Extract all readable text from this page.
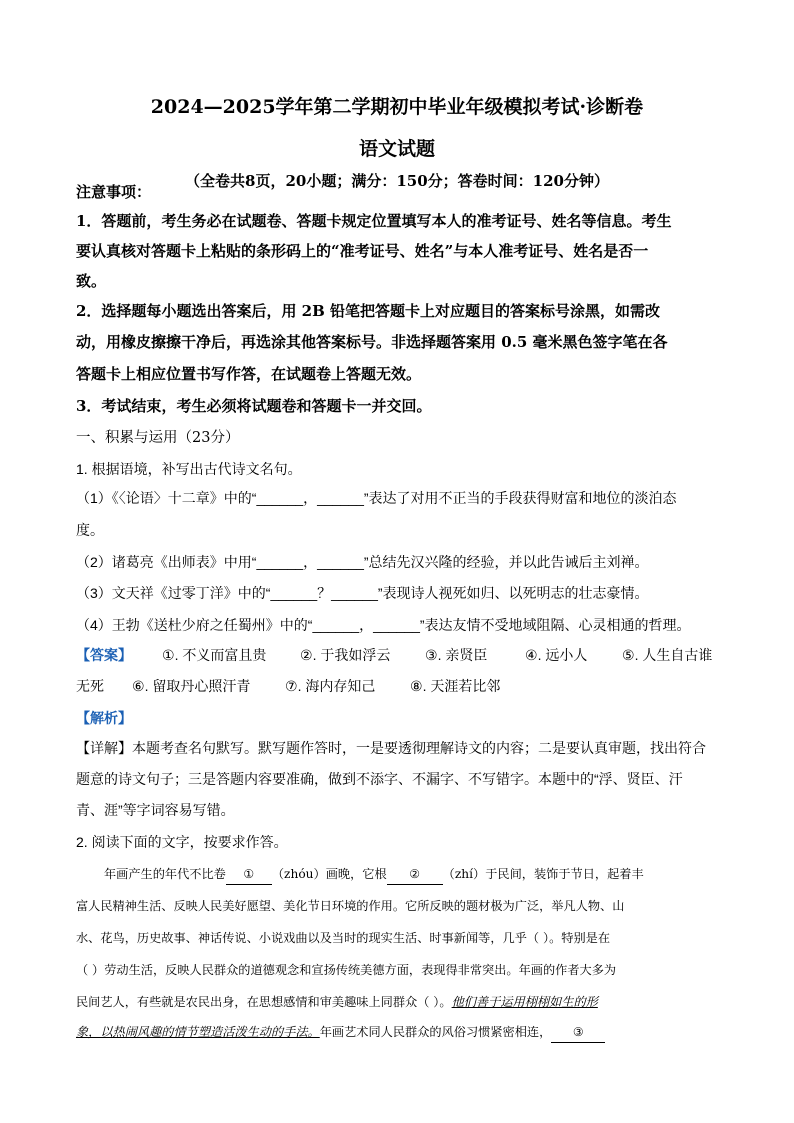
2024—2025学年第二学期初中毕业年级模拟考试·诊断卷
语文试题
（全卷共8页，20小题；满分：150分；答卷时间：120分钟）
注意事项：
1．答题前，考生务必在试题卷、答题卡规定位置填写本人的准考证号、姓名等信息。考生
要认真核对答题卡上粘贴的条形码上的“准考证号、姓名”与本人准考证号、姓名是否一
致。
2．选择题每小题选出答案后，用 2B 铅笔把答题卡上对应题目的答案标号涂黑，如需改
动，用橡皮擦擦干净后，再选涂其他答案标号。非选择题答案用 0.5 毫米黑色签字笔在各
答题卡上相应位置书写作答，在试题卷上答题无效。
3．考试结束，考生必须将试题卷和答题卡一并交回。
一、积累与运用（23分）
1. 根据语境，补写出古代诗文名句。
（1）《〈论语〉十二章》中的“______，______”表达了对用不正当的手段获得财富和地位的淡泊态
度。
（2）诸葛亮《出师表》中用“______，______”总结先汉兴隆的经验，并以此告诫后主刘禅。
（3）文天祥《过零丁洋》中的“______？______”表现诗人视死如归、以死明志的壮志豪情。
（4）王勃《送杜少府之任蜀州》中的“______，______”表达友情不受地域阻隔、心灵相通的哲理。
【答案】 ①. 不义而富且贵 ②. 于我如浮云 ③. 亲贤臣	④. 远小人 ⑤. 人生自古谁
无死 ⑥. 留取丹心照汗青 ⑦. 海内存知己 ⑧. 天涯若比邻
【解析】
【详解】本题考查名句默写。默写题作答时，一是要透彻理解诗文的内容；二是要认真审题，找出符合
题意的诗文句子；三是答题内容要准确，做到不添字、不漏字、不写错字。本题中的“浮、贤臣、汗
青、涯”等字词容易写错。
2. 阅读下面的文字，按要求作答。
年画产生的年代不比卷 ① （zhóu）画晚，它根 ② （zhí）于民间，装饰于节日，起着丰
富人民精神生活、反映人民美好愿望、美化节日环境的作用。它所反映的题材极为广泛，举凡人物、山
水、花鸟，历史故事、神话传说、小说戏曲以及当时的现实生活、时事新闻等，几乎（ ）。特别是在
（ ）劳动生活，反映人民群众的道德观念和宣扬传统美德方面，表现得非常突出。年画的作者大多为
民间艺人，有些就是农民出身，在思想感情和审美趣味上同群众（ ）。他们善于运用栩栩如生的形
象，以热闹风趣的情节塑造活泼生动的手法。年画艺术同人民群众的风俗习惯紧密相连， ③
